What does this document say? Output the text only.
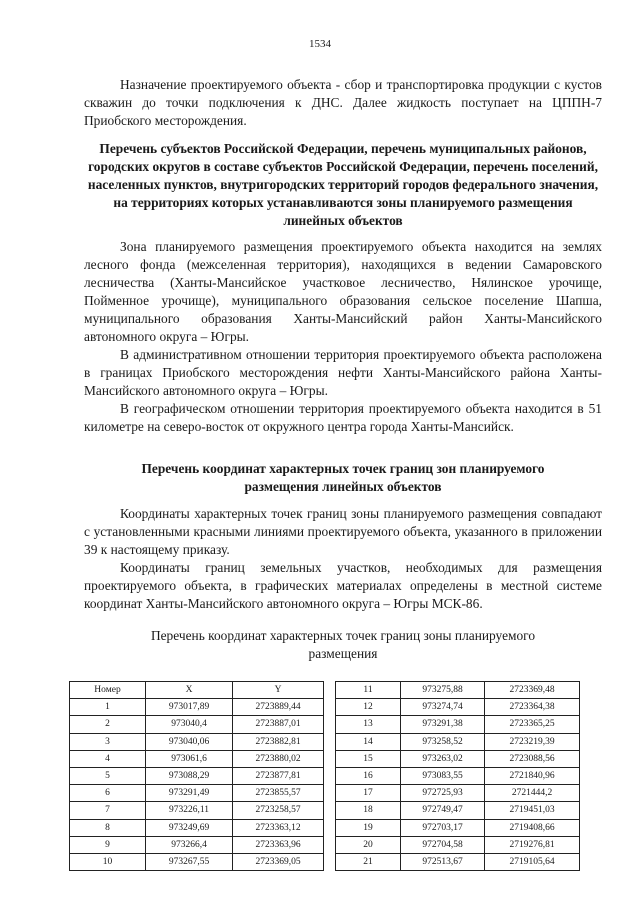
1534

Назначение проектируемого объекта - сбор и транспортировка продукции с кустов скважин до точки подключения к ДНС. Далее жидкость поступает на ЦППН-7 Приобского месторождения.

Перечень субъектов Российской Федерации, перечень муниципальных районов, городских округов в составе субъектов Российской Федерации, перечень поселений, населенных пунктов, внутригородских территорий городов федерального значения, на территориях которых устанавливаются зоны планируемого размещения линейных объектов

Зона планируемого размещения проектируемого объекта находится на землях лесного фонда (межселенная территория), находящихся в ведении Самаровского лесничества (Ханты-Мансийское участковое лесничество, Нялинское урочище, Пойменное урочище), муниципального образования сельское поселение Шапша, муниципального образования Ханты-Мансийский район Ханты-Мансийского автономного округа – Югры.

В административном отношении территория проектируемого объекта расположена в границах Приобского месторождения нефти Ханты-Мансийского района Ханты-Мансийского автономного округа – Югры.

В географическом отношении территория проектируемого объекта находится в 51 километре на северо-восток от окружного центра города Ханты-Мансийск.

Перечень координат характерных точек границ зон планируемого размещения линейных объектов

Координаты характерных точек границ зоны планируемого размещения совпадают с установленными красными линиями проектируемого объекта, указанного в приложении 39 к настоящему приказу.

Координаты границ земельных участков, необходимых для размещения проектируемого объекта, в графических материалах определены в местной системе координат Ханты-Мансийского автономного округа – Югры МСК-86.

Перечень координат характерных точек границ зоны планируемого размещения

Номер	X	Y
1	973017,89	2723889,44
2	973040,4	2723887,01
3	973040,06	2723882,81
4	973061,6	2723880,02
5	973088,29	2723877,81
6	973291,49	2723855,57
7	973226,11	2723258,57
8	973249,69	2723363,12
9	973266,4	2723363,96
10	973267,55	2723369,05
11	973275,88	2723369,48
12	973274,74	2723364,38
13	973291,38	2723365,25
14	973258,52	2723219,39
15	973263,02	2723088,56
16	973083,55	2721840,96
17	972725,93	2721444,2
18	972749,47	2719451,03
19	972703,17	2719408,66
20	972704,58	2719276,81
21	972513,67	2719105,64
